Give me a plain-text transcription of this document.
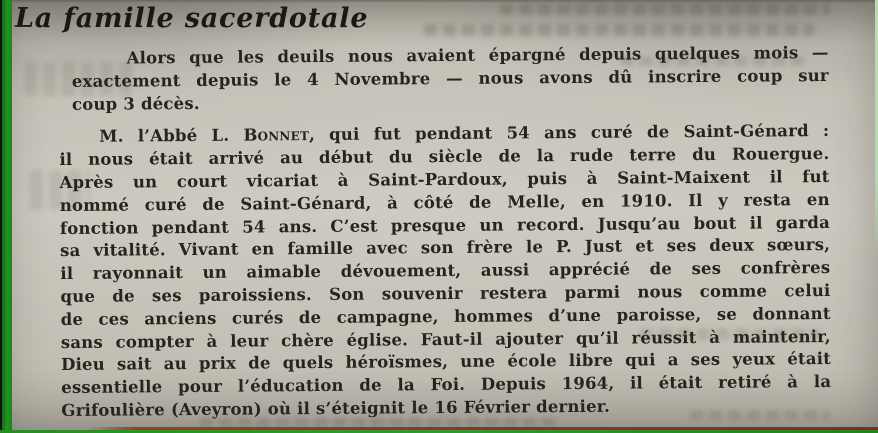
La famille sacerdotale
Alors que les deuils nous avaient épargné depuis quelques mois —
exactement depuis le 4 Novembre — nous avons dû inscrire coup sur
coup 3 décès.
M. l’Abbé L. Bonnet, qui fut pendant 54 ans curé de Saint-Génard :
il nous était arrivé au début du siècle de la rude terre du Rouergue.
Après un court vicariat à Saint-Pardoux, puis à Saint-Maixent il fut
nommé curé de Saint-Génard, à côté de Melle, en 1910. Il y resta en
fonction pendant 54 ans. C’est presque un record. Jusqu’au bout il garda
sa vitalité. Vivant en famille avec son frère le P. Just et ses deux sœurs,
il rayonnait un aimable dévouement, aussi apprécié de ses confrères
que de ses paroissiens. Son souvenir restera parmi nous comme celui
de ces anciens curés de campagne, hommes d’une paroisse, se donnant
sans compter à leur chère église. Faut-il ajouter qu’il réussit à maintenir,
Dieu sait au prix de quels héroïsmes, une école libre qui a ses yeux était
essentielle pour l’éducation de la Foi. Depuis 1964, il était retiré à la
Grifoulière (Aveyron) où il s’éteignit le 16 Février dernier.
